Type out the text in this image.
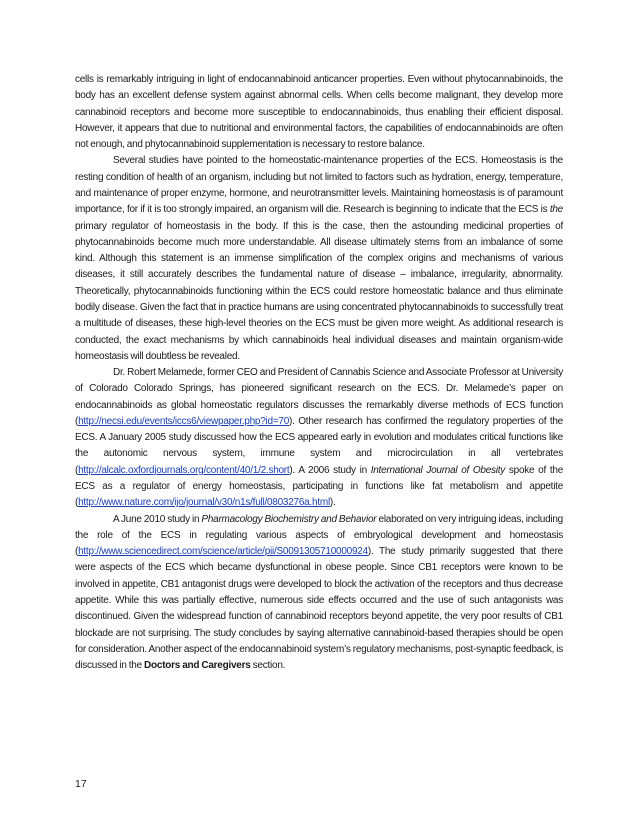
cells is remarkably intriguing in light of endocannabinoid anticancer properties. Even without phytocannabinoids, the body has an excellent defense system against abnormal cells. When cells become malignant, they develop more cannabinoid receptors and become more susceptible to endocannabinoids, thus enabling their efficient disposal. However, it appears that due to nutritional and environmental factors, the capabilities of endocannabinoids are often not enough, and phytocannabinoid supplementation is necessary to restore balance.

Several studies have pointed to the homeostatic-maintenance properties of the ECS. Homeostasis is the resting condition of health of an organism, including but not limited to factors such as hydration, energy, temperature, and maintenance of proper enzyme, hormone, and neurotransmitter levels. Maintaining homeostasis is of paramount importance, for if it is too strongly impaired, an organism will die. Research is beginning to indicate that the ECS is the primary regulator of homeostasis in the body. If this is the case, then the astounding medicinal properties of phytocannabinoids become much more understandable. All disease ultimately stems from an imbalance of some kind. Although this statement is an immense simplification of the complex origins and mechanisms of various diseases, it still accurately describes the fundamental nature of disease – imbalance, irregularity, abnormality. Theoretically, phytocannabinoids functioning within the ECS could restore homeostatic balance and thus eliminate bodily disease. Given the fact that in practice humans are using concentrated phytocannabinoids to successfully treat a multitude of diseases, these high-level theories on the ECS must be given more weight. As additional research is conducted, the exact mechanisms by which cannabinoids heal individual diseases and maintain organism-wide homeostasis will doubtless be revealed.

Dr. Robert Melamede, former CEO and President of Cannabis Science and Associate Professor at University of Colorado Colorado Springs, has pioneered significant research on the ECS. Dr. Melamede’s paper on endocannabinoids as global homeostatic regulators discusses the remarkably diverse methods of ECS function (http://necsi.edu/events/iccs6/viewpaper.php?id=70). Other research has confirmed the regulatory properties of the ECS. A January 2005 study discussed how the ECS appeared early in evolution and modulates critical functions like the autonomic nervous system, immune system and microcirculation in all vertebrates (http://alcalc.oxfordjournals.org/content/40/1/2.short). A 2006 study in International Journal of Obesity spoke of the ECS as a regulator of energy homeostasis, participating in functions like fat metabolism and appetite (http://www.nature.com/ijo/journal/v30/n1s/full/0803276a.html).

A June 2010 study in Pharmacology Biochemistry and Behavior elaborated on very intriguing ideas, including the role of the ECS in regulating various aspects of embryological development and homeostasis (http://www.sciencedirect.com/science/article/pii/S0091305710000924). The study primarily suggested that there were aspects of the ECS which became dysfunctional in obese people. Since CB1 receptors were known to be involved in appetite, CB1 antagonist drugs were developed to block the activation of the receptors and thus decrease appetite. While this was partially effective, numerous side effects occurred and the use of such antagonists was discontinued. Given the widespread function of cannabinoid receptors beyond appetite, the very poor results of CB1 blockade are not surprising. The study concludes by saying alternative cannabinoid-based therapies should be open for consideration. Another aspect of the endocannabinoid system’s regulatory mechanisms, post-synaptic feedback, is discussed in the Doctors and Caregivers section.

17
